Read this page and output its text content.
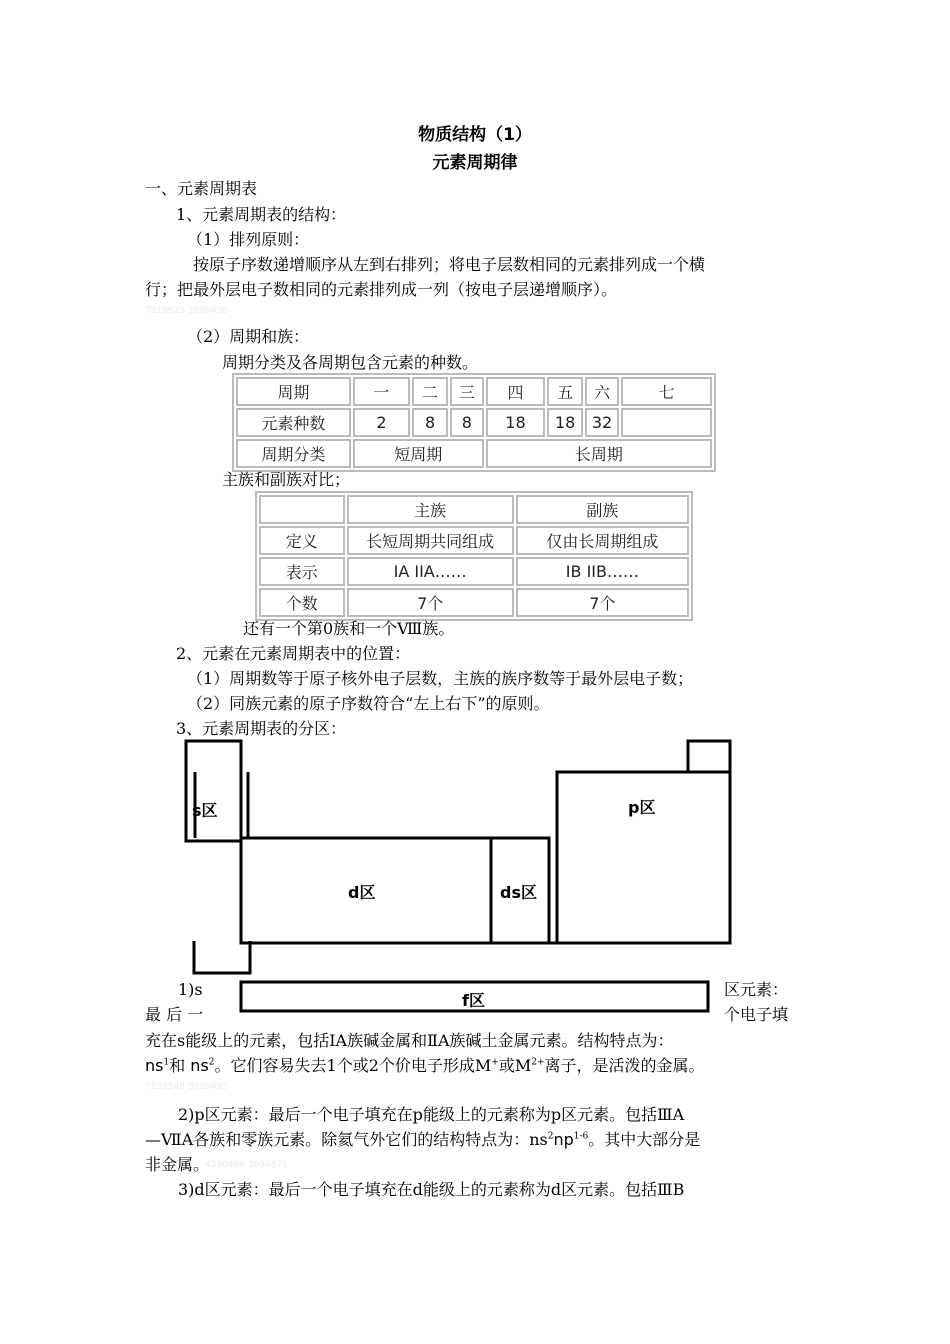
物质结构（1）
元素周期律
一、元素周期表
1、元素周期表的结构：
（1）排列原则：
按原子序数递增顺序从左到右排列；将电子层数相同的元素排列成一个横
行；把最外层电子数相同的元素排列成一列（按电子层递增顺序）。
7819625 1090436
（2）周期和族：
周期分类及各周期包含元素的种数。
周期	一	二	三	四	五	六	七
元素种数	2	8	8	18	18	32	
周期分类	短周期			长周期			
主族和副族对比；
	主族	副族
定义	长短周期共同组成	仅由长周期组成
表示	IA IIA……	IB IIB……
个数	7个	7个
还有一个第0族和一个Ⅷ族。
2、元素在元素周期表中的位置：
（1）周期数等于原子核外电子层数，主族的族序数等于最外层电子数；
（2）同族元素的原子序数符合“左上右下”的原则。
3、元素周期表的分区：
s区	p区
d区	ds区
f区
1)s	区元素：
最 后 一	个电子填
充在s能级上的元素，包括ⅠA族碱金属和ⅡA族碱土金属元素。结构特点为：
$ns^1$和 $ns^2$。它们容易失去1个或2个价电子形成M+或$M^{2+}$离子，是活泼的金属。
7132548 9820495
2)p区元素：最后一个电子填充在p能级上的元素称为p区元素。包括ⅢA
—ⅦA各族和零族元素。除氦气外它们的结构特点为：$ns^2np^{1-6}$。其中大部分是
非金属。
4250486 3094871
3)d区元素：最后一个电子填充在d能级上的元素称为d区元素。包括ⅢB
